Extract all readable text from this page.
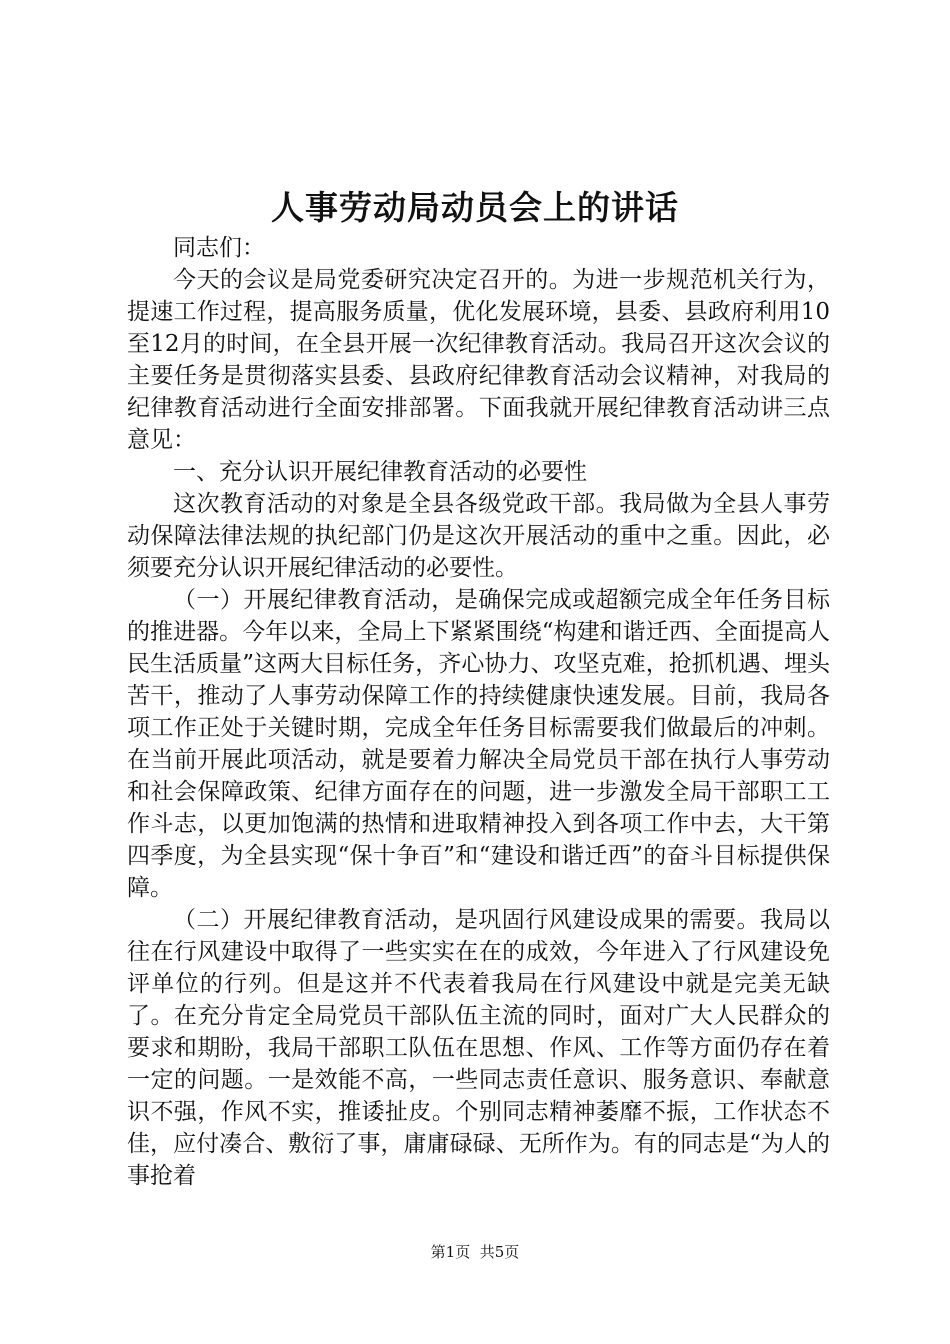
人事劳动局动员会上的讲话

同志们：

今天的会议是局党委研究决定召开的。为进一步规范机关行为，提速工作过程，提高服务质量，优化发展环境，县委、县政府利用10至12月的时间，在全县开展一次纪律教育活动。我局召开这次会议的主要任务是贯彻落实县委、县政府纪律教育活动会议精神，对我局的纪律教育活动进行全面安排部署。下面我就开展纪律教育活动讲三点意见：

一、充分认识开展纪律教育活动的必要性

这次教育活动的对象是全县各级党政干部。我局做为全县人事劳动保障法律法规的执纪部门仍是这次开展活动的重中之重。因此，必须要充分认识开展纪律活动的必要性。

（一）开展纪律教育活动，是确保完成或超额完成全年任务目标的推进器。今年以来，全局上下紧紧围绕“构建和谐迁西、全面提高人民生活质量”这两大目标任务，齐心协力、攻坚克难，抢抓机遇、埋头苦干，推动了人事劳动保障工作的持续健康快速发展。目前，我局各项工作正处于关键时期，完成全年任务目标需要我们做最后的冲刺。在当前开展此项活动，就是要着力解决全局党员干部在执行人事劳动和社会保障政策、纪律方面存在的问题，进一步激发全局干部职工工作斗志，以更加饱满的热情和进取精神投入到各项工作中去，大干第四季度，为全县实现“保十争百”和“建设和谐迁西”的奋斗目标提供保障。

（二）开展纪律教育活动，是巩固行风建设成果的需要。我局以往在行风建设中取得了一些实实在在的成效，今年进入了行风建设免评单位的行列。但是这并不代表着我局在行风建设中就是完美无缺了。在充分肯定全局党员干部队伍主流的同时，面对广大人民群众的要求和期盼，我局干部职工队伍在思想、作风、工作等方面仍存在着一定的问题。一是效能不高，一些同志责任意识、服务意识、奉献意识不强，作风不实，推诿扯皮。个别同志精神萎靡不振，工作状态不佳，应付凑合、敷衍了事，庸庸碌碌、无所作为。有的同志是“为人的事抢着

第1页 共5页
